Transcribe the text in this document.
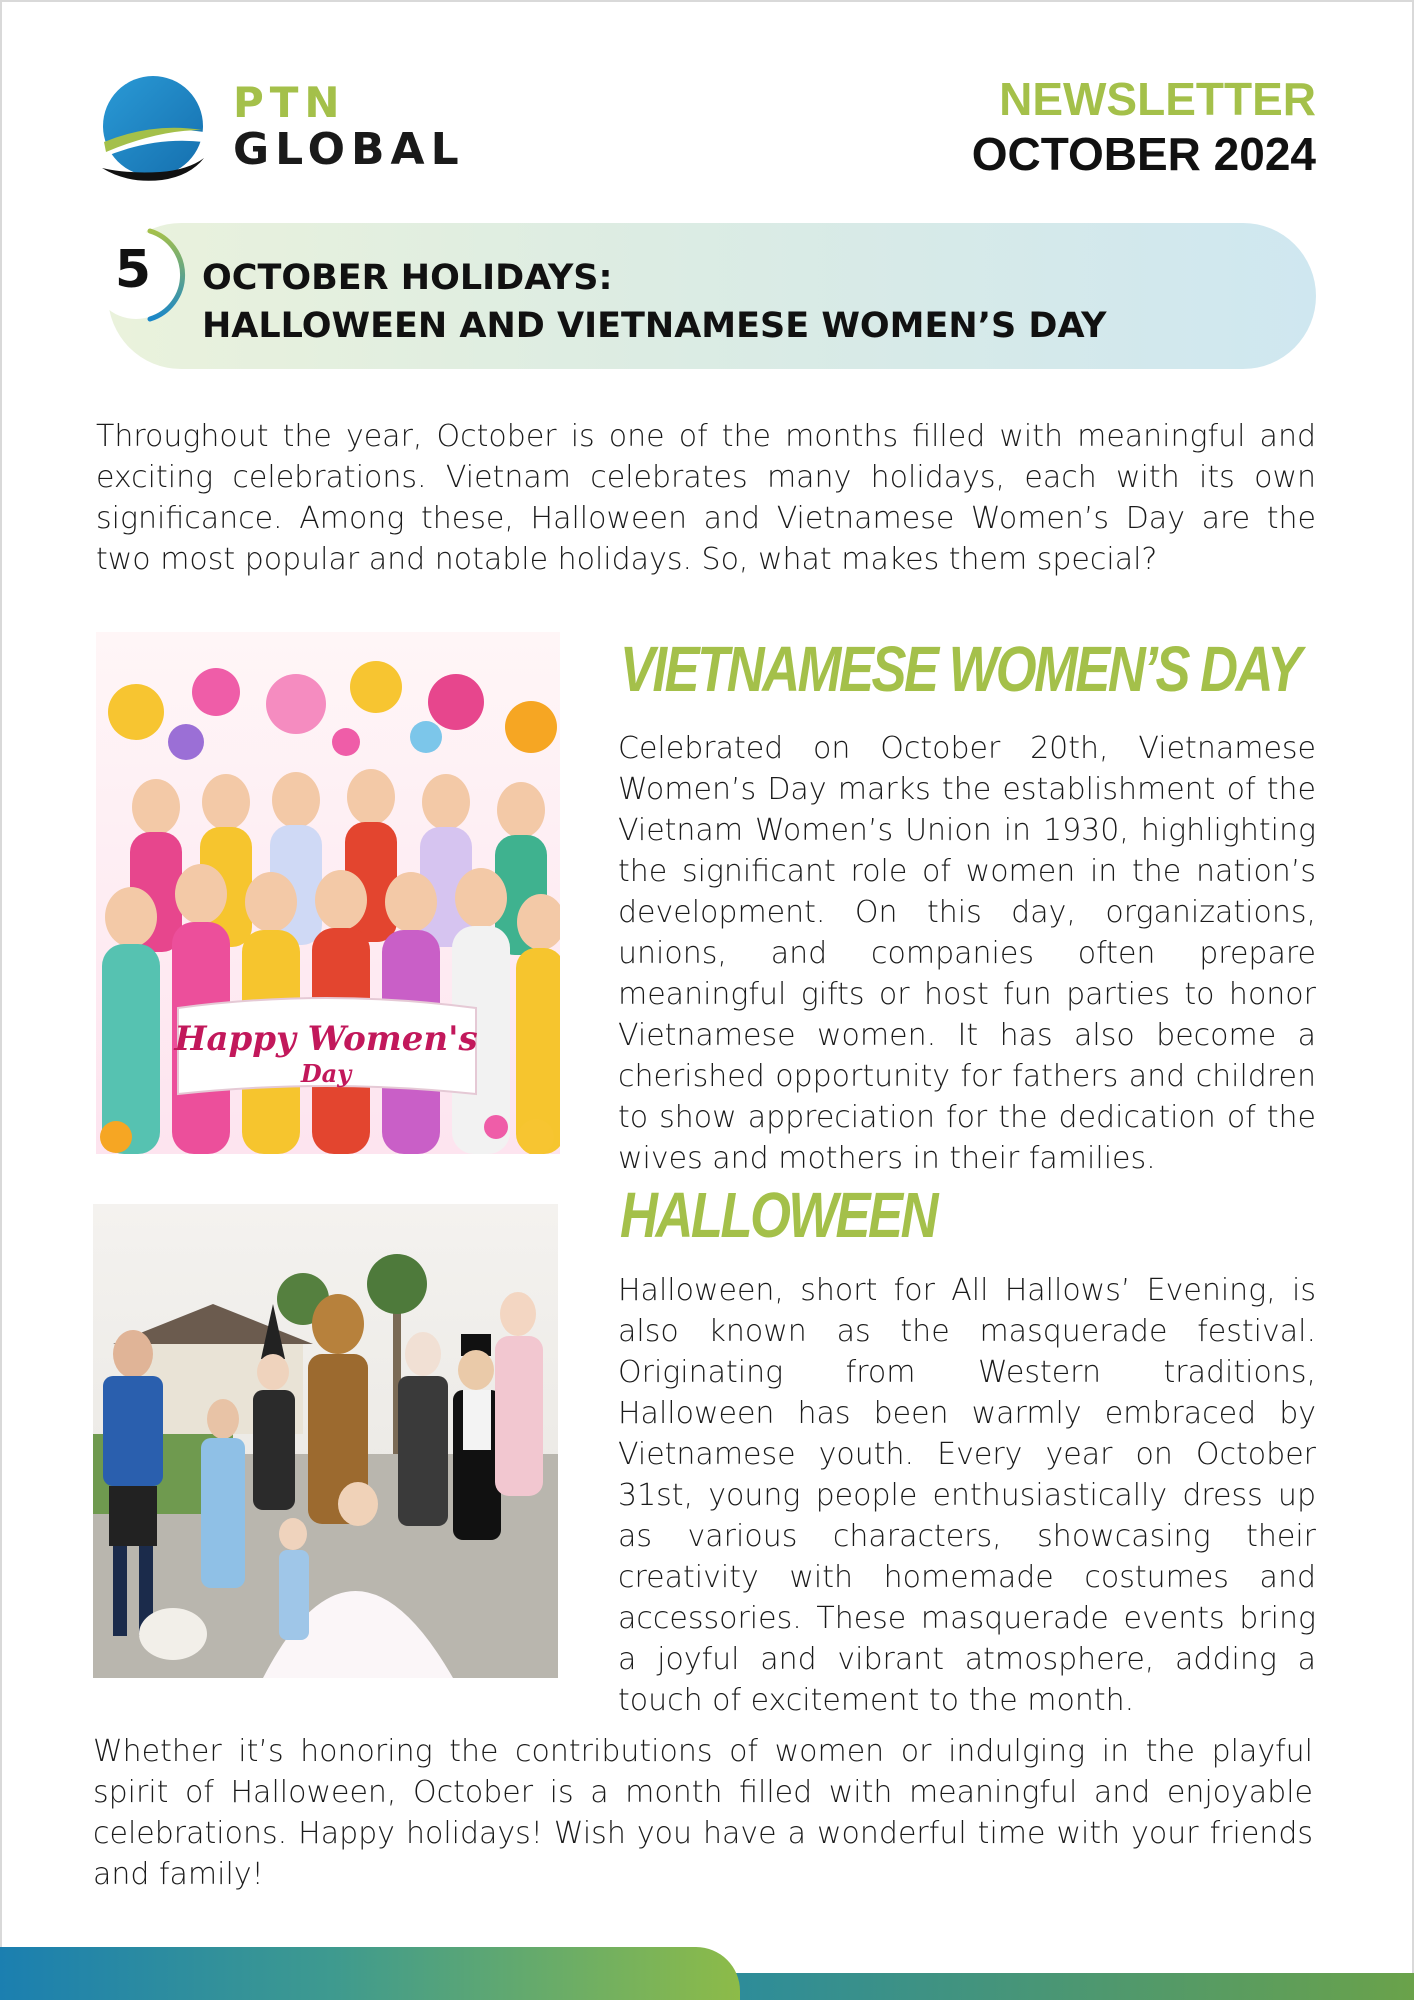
PTN
GLOBAL
NEWSLETTER
OCTOBER 2024
5 OCTOBER HOLIDAYS:
HALLOWEEN AND VIETNAMESE WOMEN’S DAY

Throughout the year, October is one of the months filled with meaningful and exciting celebrations. Vietnam celebrates many holidays, each with its own significance. Among these, Halloween and Vietnamese Women’s Day are the two most popular and notable holidays. So, what makes them special?

Happy Women's
Day
VIETNAMESE WOMEN’S DAY

Celebrated on October 20th, Vietnamese Women’s Day marks the establishment of the Vietnam Women’s Union in 1930, highlighting the significant role of women in the nation’s development. On this day, organizations, unions, and companies often prepare meaningful gifts or host fun parties to honor Vietnamese women. It has also become a cherished opportunity for fathers and children to show appreciation for the dedication of the wives and mothers in their families.

HALLOWEEN

Halloween, short for All Hallows’ Evening, is also known as the masquerade festival. Originating from Western traditions, Halloween has been warmly embraced by Vietnamese youth. Every year on October 31st, young people enthusiastically dress up as various characters, showcasing their creativity with homemade costumes and accessories. These masquerade events bring a joyful and vibrant atmosphere, adding a touch of excitement to the month.

Whether it’s honoring the contributions of women or indulging in the playful spirit of Halloween, October is a month filled with meaningful and enjoyable celebrations. Happy holidays! Wish you have a wonderful time with your friends and family!
